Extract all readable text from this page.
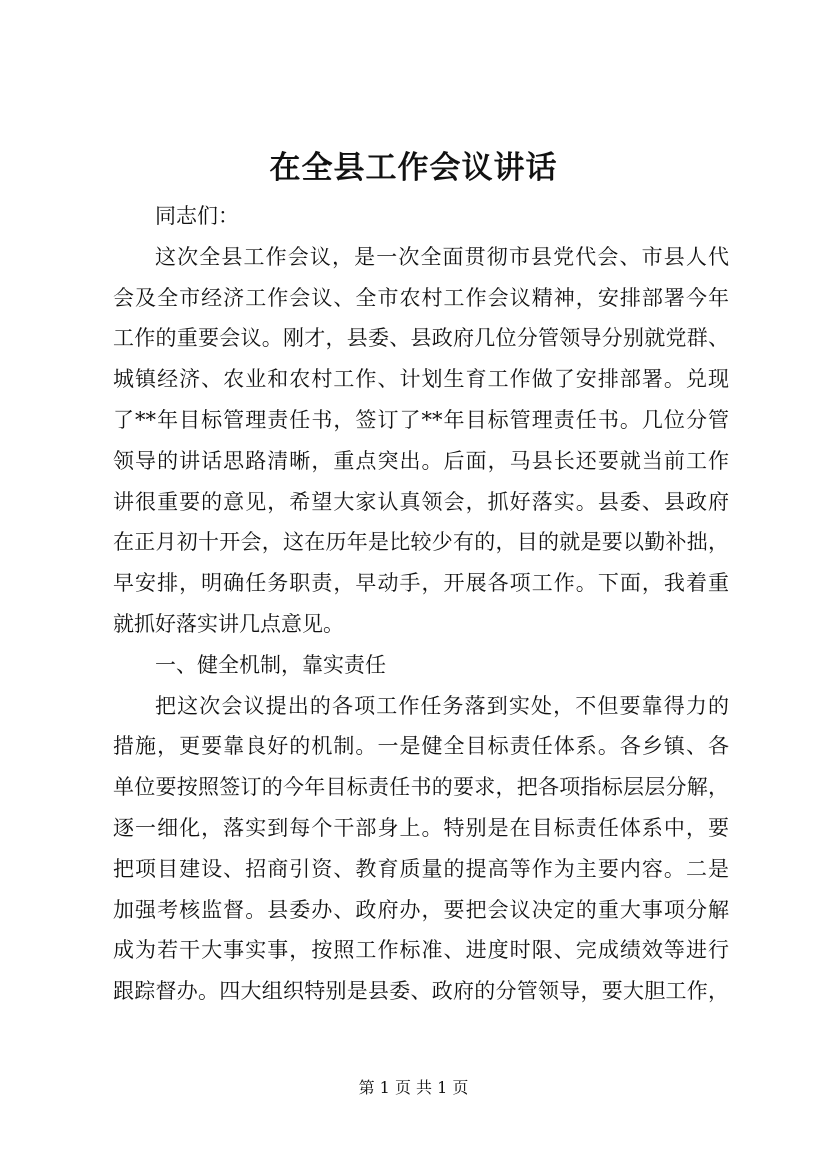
在全县工作会议讲话
同志们：
这次全县工作会议，是一次全面贯彻市县党代会、市县人代
会及全市经济工作会议、全市农村工作会议精神，安排部署今年
工作的重要会议。刚才，县委、县政府几位分管领导分别就党群、
城镇经济、农业和农村工作、计划生育工作做了安排部署。兑现
了**年目标管理责任书，签订了**年目标管理责任书。几位分管
领导的讲话思路清晰，重点突出。后面，马县长还要就当前工作
讲很重要的意见，希望大家认真领会，抓好落实。县委、县政府
在正月初十开会，这在历年是比较少有的，目的就是要以勤补拙，
早安排，明确任务职责，早动手，开展各项工作。下面，我着重
就抓好落实讲几点意见。
一、健全机制，靠实责任
把这次会议提出的各项工作任务落到实处，不但要靠得力的
措施，更要靠良好的机制。一是健全目标责任体系。各乡镇、各
单位要按照签订的今年目标责任书的要求，把各项指标层层分解，
逐一细化，落实到每个干部身上。特别是在目标责任体系中，要
把项目建设、招商引资、教育质量的提高等作为主要内容。二是
加强考核监督。县委办、政府办，要把会议决定的重大事项分解
成为若干大事实事，按照工作标准、进度时限、完成绩效等进行
跟踪督办。四大组织特别是县委、政府的分管领导，要大胆工作，
第 1 页 共 1 页
